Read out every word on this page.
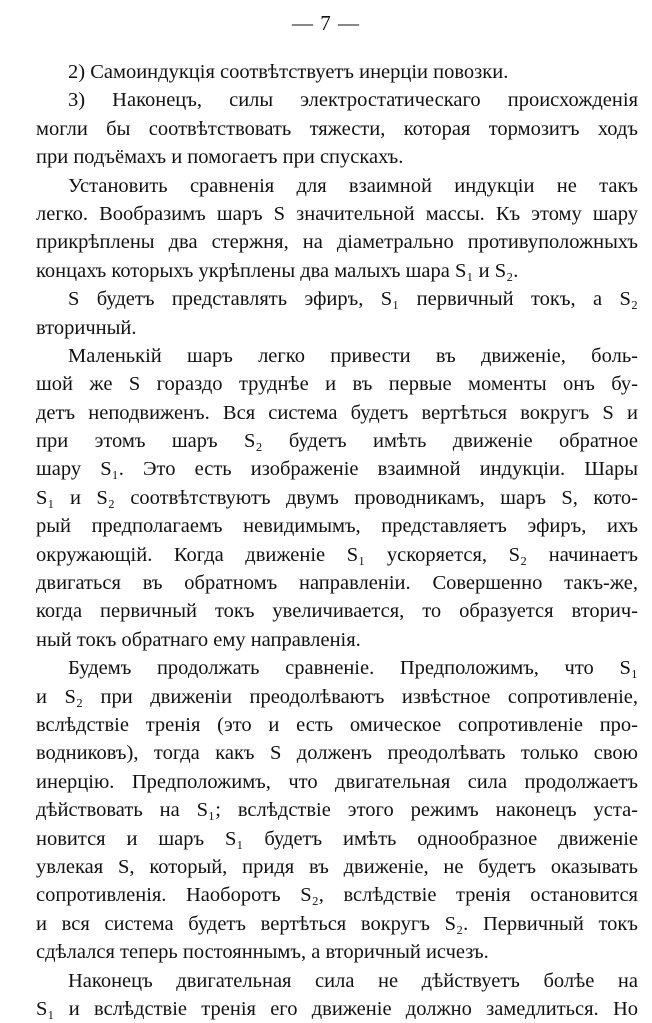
— 7 —
2) Самоиндукція соотвѣтствуетъ инерціи повозки.
3) Наконецъ, силы электростатическаго происхожденія
могли бы соотвѣтствовать тяжести, которая тормозитъ ходъ
при подъёмахъ и помогаетъ при спускахъ.
Установить сравненія для взаимной индукціи не такъ
легко. Вообразимъ шаръ S значительной массы. Къ этому шару
прикрѣплены два стержня, на діаметрально противуположныхъ
концахъ которыхъ укрѣплены два малыхъ шара S₁ и S₂.
S будетъ представлять эфиръ, S₁ первичный токъ, а S₂
вторичный.
Маленькій шаръ легко привести въ движеніе, боль-
шой же S гораздо труднѣе и въ первые моменты онъ бу-
детъ неподвиженъ. Вся система будетъ вертѣться вокругъ S и
при этомъ шаръ S₂ будетъ имѣть движеніе обратное
шару S₁. Это есть изображеніе взаимной индукціи. Шары
S₁ и S₂ соотвѣтствуютъ двумъ проводникамъ, шаръ S, кото-
рый предполагаемъ невидимымъ, представляетъ эфиръ, ихъ
окружающій. Когда движеніе S₁ ускоряется, S₂ начинаетъ
двигаться въ обратномъ направленіи. Совершенно такъ-же,
когда первичный токъ увеличивается, то образуется вторич-
ный токъ обратнаго ему направленія.
Будемъ продолжать сравненіе. Предположимъ, что S₁
и S₂ при движеніи преодолѣваютъ извѣстное сопротивленіе,
вслѣдствіе тренія (это и есть омическое сопротивленіе про-
водниковъ), тогда какъ S долженъ преодолѣвать только свою
инерцію. Предположимъ, что двигательная сила продолжаетъ
дѣйствовать на S₁; вслѣдствіе этого режимъ наконецъ уста-
новится и шаръ S₁ будетъ имѣть однообразное движеніе
увлекая S, который, придя въ движеніе, не будетъ оказывать
сопротивленія. Наоборотъ S₂, вслѣдствіе тренія остановится
и вся система будетъ вертѣться вокругъ S₂. Первичный токъ
сдѣлался теперь постояннымъ, а вторичный исчезъ.
Наконецъ двигательная сила не дѣйствуетъ болѣе на
S₁ и вслѣдствіе тренія его движеніе должно замедлиться. Но
